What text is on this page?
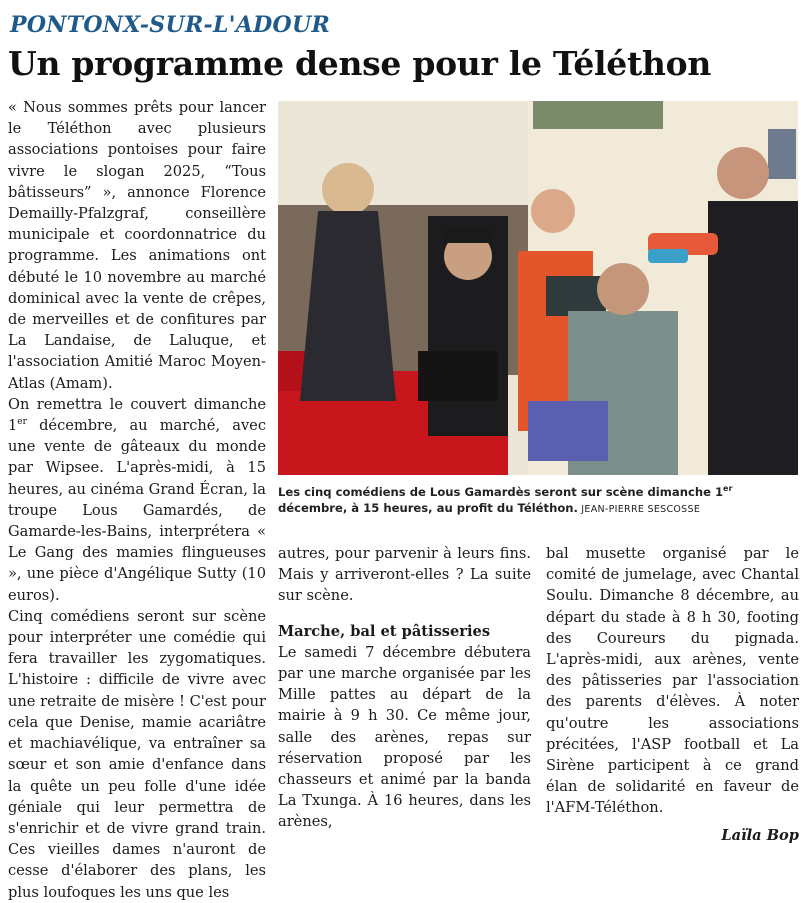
PONTONX-SUR-L'ADOUR
Un programme dense pour le Téléthon

« Nous sommes prêts pour lancer le Téléthon avec plusieurs associations pontoises pour faire vivre le slogan 2025, “Tous bâtisseurs” », annonce Florence Demailly-Pfalzgraf, conseillère municipale et coordonnatrice du programme. Les animations ont débuté le 10 novembre au marché dominical avec la vente de crêpes, de merveilles et de confitures par La Landaise, de Laluque, et l'association Amitié Maroc Moyen-Atlas (Amam).

On remettra le couvert dimanche 1er décembre, au marché, avec une vente de gâteaux du monde par Wipsee. L'après-midi, à 15 heures, au cinéma Grand Écran, la troupe Lous Gamardés, de Gamarde-les-Bains, interprétera « Le Gang des mamies flingueuses », une pièce d'Angélique Sutty (10 euros).

Cinq comédiens seront sur scène pour interpréter une comédie qui fera travailler les zygomatiques. L'histoire : difficile de vivre avec une retraite de misère ! C'est pour cela que Denise, mamie acariâtre et machiavélique, va entraîner sa sœur et son amie d'enfance dans la quête un peu folle d'une idée géniale qui leur permettra de s'enrichir et de vivre grand train. Ces vieilles dames n'auront de cesse d'élaborer des plans, les plus loufoques les uns que les

Les cinq comédiens de Lous Gamardès seront sur scène dimanche 1er décembre, à 15 heures, au profit du Téléthon. JEAN-PIERRE SESCOSSE

autres, pour parvenir à leurs fins. Mais y arriveront-elles ? La suite sur scène.

Marche, bal et pâtisseries

Le samedi 7 décembre débutera par une marche organisée par les Mille pattes au départ de la mairie à 9 h 30. Ce même jour, salle des arènes, repas sur réservation proposé par les chasseurs et animé par la banda La Txunga. À 16 heures, dans les arènes,

bal musette organisé par le comité de jumelage, avec Chantal Soulu. Dimanche 8 décembre, au départ du stade à 8 h 30, footing des Coureurs du pignada. L'après-midi, aux arènes, vente des pâtisseries par l'association des parents d'élèves. À noter qu'outre les associations précitées, l'ASP football et La Sirène participent à ce grand élan de solidarité en faveur de l'AFM-Téléthon.

Laïla Bop
